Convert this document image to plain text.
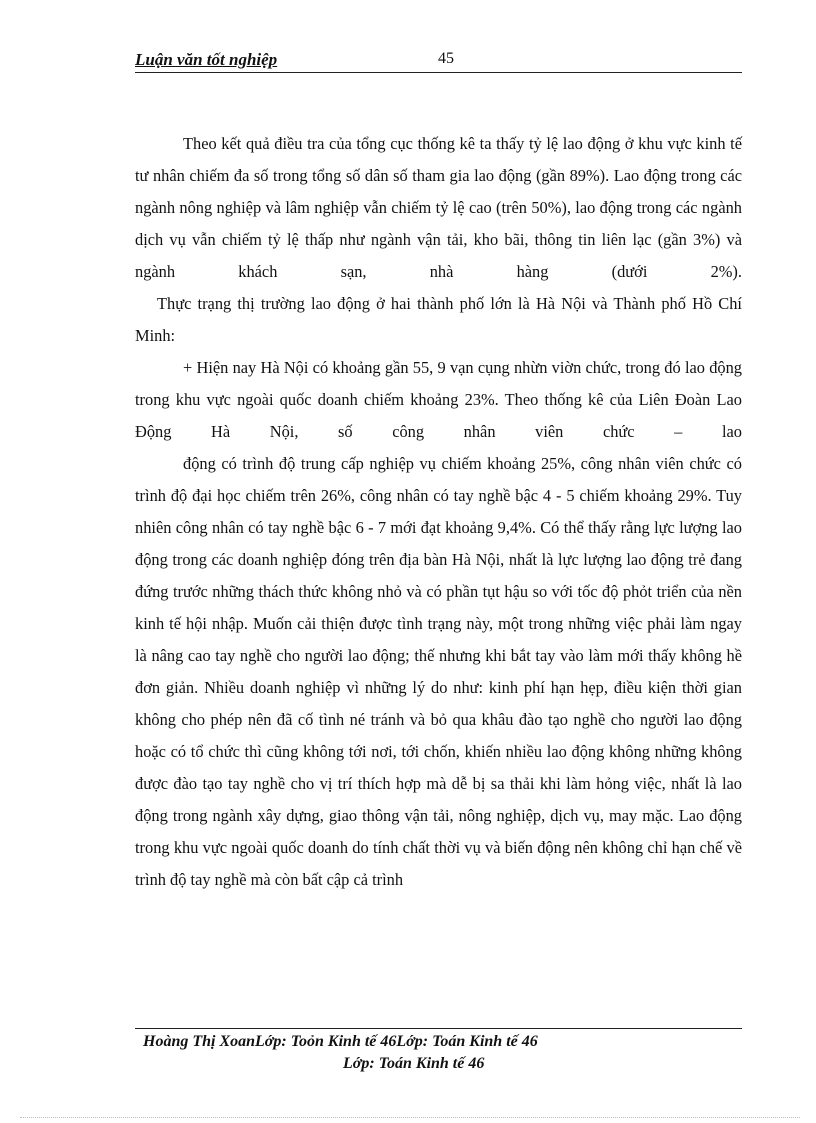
Luận văn tốt nghiệp	45

Theo kết quả điều tra của tổng cục thống kê ta thấy tỷ lệ lao động ở khu vực kinh tế tư nhân chiếm đa số trong tổng số dân số tham gia lao động (gần 89%). Lao động trong các ngành nông nghiệp và lâm nghiệp vẫn chiếm tỷ lệ cao (trên 50%), lao động trong các ngành dịch vụ vẫn chiếm tỷ lệ thấp như ngành vận tải, kho bãi, thông tin liên lạc (gần 3%) và ngành khách sạn, nhà hàng (dưới 2%).

Thực trạng thị trường lao động ở hai thành phố lớn là Hà Nội và Thành phố Hồ Chí Minh:

+ Hiện nay Hà Nội có khoảng gần 55, 9 vạn cụng nhừn viờn chức, trong đó lao động trong khu vực ngoài quốc doanh chiếm khoảng 23%. Theo thống kê của Liên Đoàn Lao Động Hà Nội, số công nhân viên chức – lao

động có trình độ trung cấp nghiệp vụ chiếm khoảng 25%, công nhân viên chức có trình độ đại học chiếm trên 26%, công nhân có tay nghề bậc 4 - 5 chiếm khoảng 29%. Tuy nhiên công nhân có tay nghề bậc 6 - 7 mới đạt khoảng 9,4%. Có thể thấy rằng lực lượng lao động trong các doanh nghiệp đóng trên địa bàn Hà Nội, nhất là lực lượng lao động trẻ đang đứng trước những thách thức không nhỏ và có phần tụt hậu so với tốc độ phỏt triển của nền kinh tế hội nhập. Muốn cải thiện được tình trạng này, một trong những việc phải làm ngay là nâng cao tay nghề cho người lao động; thế nhưng khi bắt tay vào làm mới thấy không hề đơn giản. Nhiều doanh nghiệp vì những lý do như: kinh phí hạn hẹp, điều kiện thời gian không cho phép nên đã cố tình né tránh và bỏ qua khâu đào tạo nghề cho người lao động hoặc có tổ chức thì cũng không tới nơi, tới chốn, khiến nhiều lao động không những không được đào tạo tay nghề cho vị trí thích hợp mà dễ bị sa thải khi làm hỏng việc, nhất là lao động trong ngành xây dựng, giao thông vận tải, nông nghiệp, dịch vụ, may mặc. Lao động trong khu vực ngoài quốc doanh do tính chất thời vụ và biến động nên không chỉ hạn chế về trình độ tay nghề mà còn bất cập cả trình

Hoàng Thị XoanLớp: Toỏn Kinh tế 46Lớp: Toán Kinh tế 46
Lớp: Toán Kinh tế 46
